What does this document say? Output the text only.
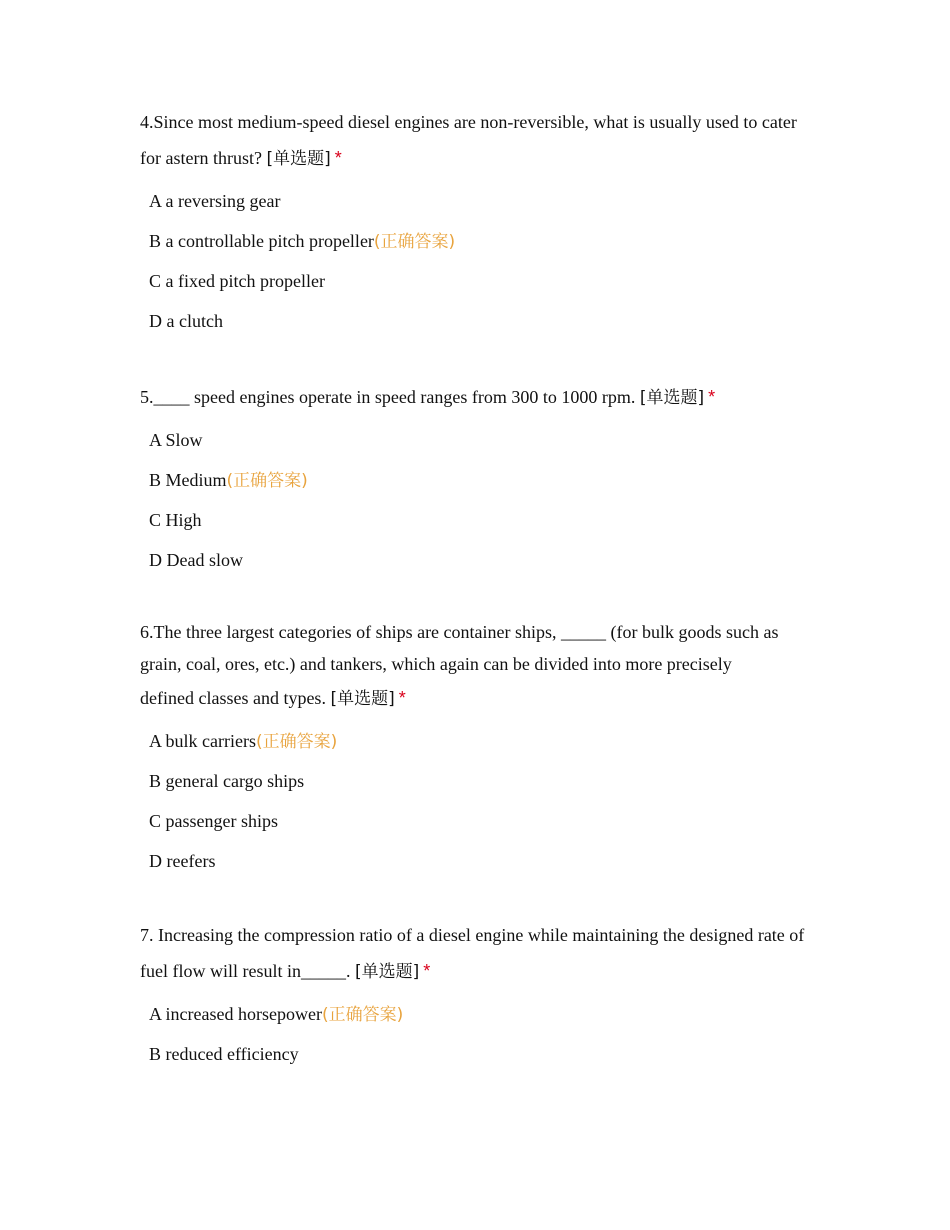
4.Since most medium-speed diesel engines are non-reversible, what is usually used to cater for astern thrust? [单选题] *

A a reversing gear
B a controllable pitch propeller(正确答案)
C a fixed pitch propeller
D a clutch

5.____ speed engines operate in speed ranges from 300 to 1000 rpm. [单选题] *

A Slow
B Medium(正确答案)
C High
D Dead slow

6.The three largest categories of ships are container ships, _____ (for bulk goods such as grain, coal, ores, etc.) and tankers, which again can be divided into more precisely
defined classes and types. [单选题] *

A bulk carriers(正确答案)
B general cargo ships
C passenger ships
D reefers

7. Increasing the compression ratio of a diesel engine while maintaining the designed rate of fuel flow will result in_____. [单选题] *

A increased horsepower(正确答案)
B reduced efficiency
